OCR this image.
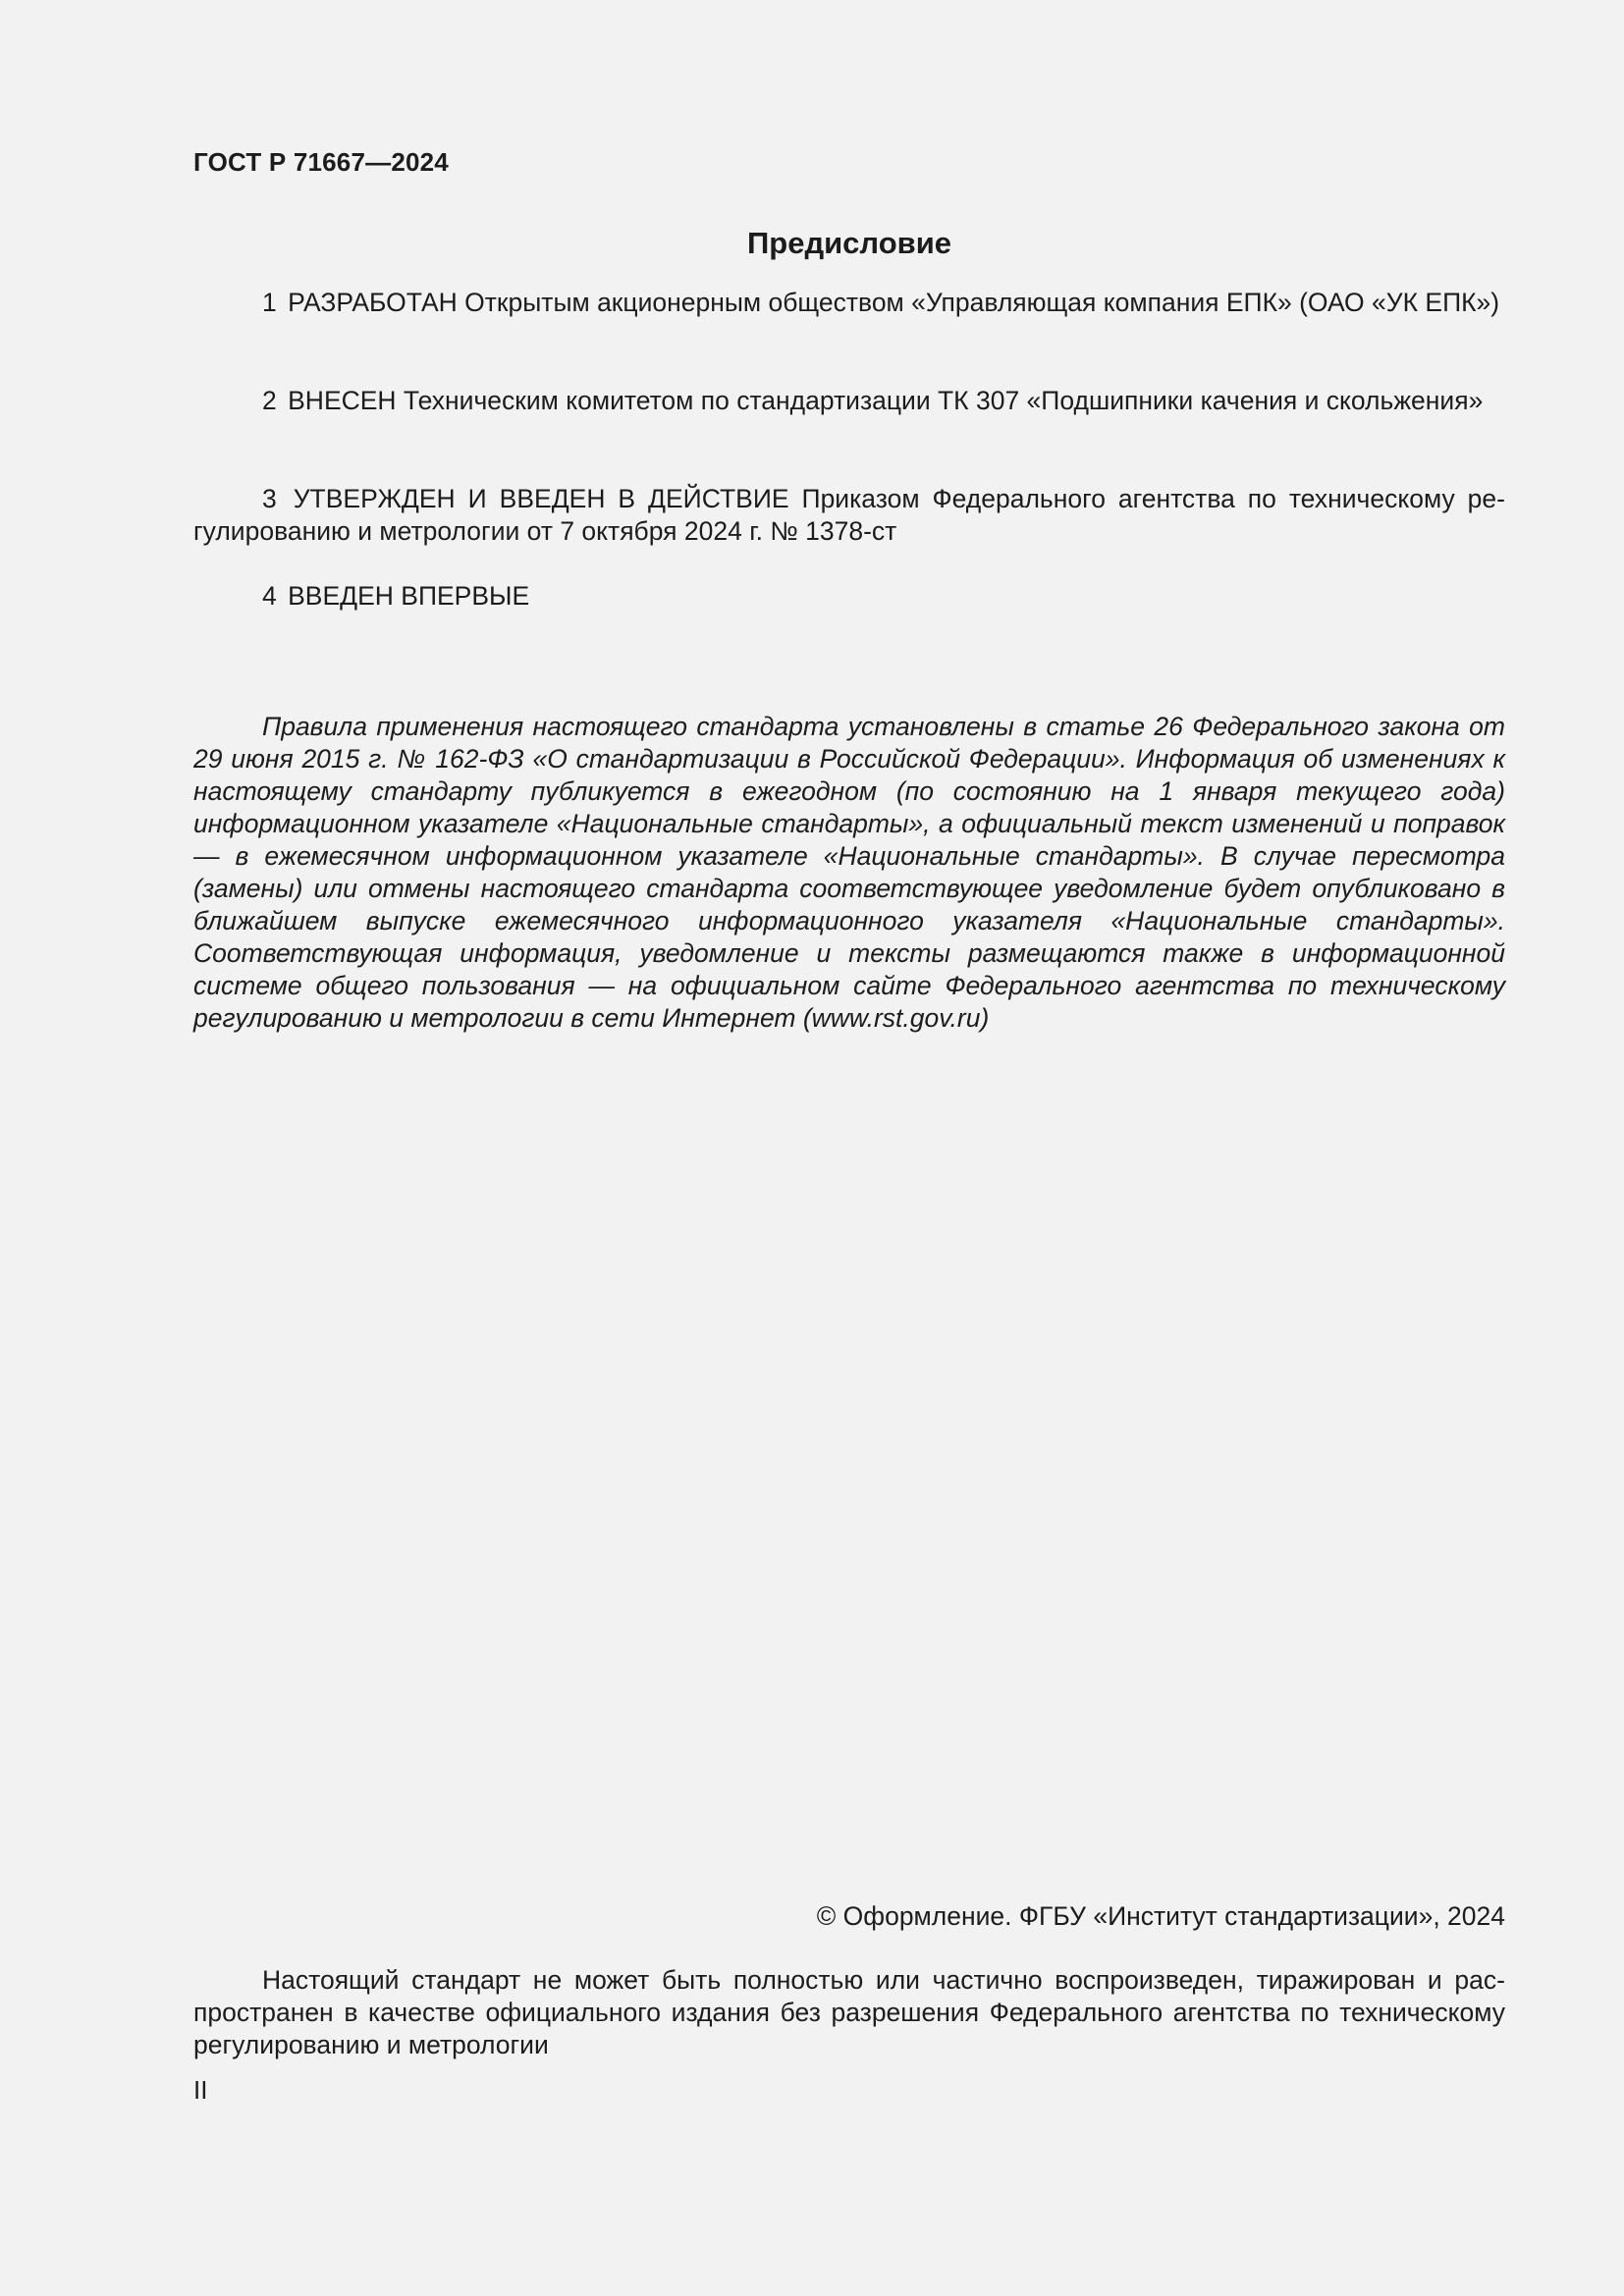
ГОСТ Р 71667—2024
Предисловие

1 РАЗРАБОТАН Открытым акционерным обществом «Управляющая компания ЕПК» (ОАО «УК ЕПК»)

2 ВНЕСЕН Техническим комитетом по стандартизации ТК 307 «Подшипники качения и скольжения»

3 УТВЕРЖДЕН И ВВЕДЕН В ДЕЙСТВИЕ Приказом Федерального агентства по техническому регулированию и метрологии от 7 октября 2024 г. № 1378-ст

4 ВВЕДЕН ВПЕРВЫЕ

Правила применения настоящего стандарта установлены в статье 26 Федерального закона от 29 июня 2015 г. № 162-ФЗ «О стандартизации в Российской Федерации». Информация об изменениях к настоящему стандарту публикуется в ежегодном (по состоянию на 1 января текущего года) информационном указателе «Национальные стандарты», а официальный текст изменений и поправок — в ежемесячном информационном указателе «Национальные стандарты». В случае пересмотра (замены) или отмены настоящего стандарта соответствующее уведомление будет опубликовано в ближайшем выпуске ежемесячного информационного указателя «Национальные стандарты». Соответствующая информация, уведомление и тексты размещаются также в информационной системе общего пользования — на официальном сайте Федерального агентства по техническому регулированию и метрологии в сети Интернет (www.rst.gov.ru)

© Оформление. ФГБУ «Институт стандартизации», 2024

Настоящий стандарт не может быть полностью или частично воспроизведен, тиражирован и распространен в качестве официального издания без разрешения Федерального агентства по техническому регулированию и метрологии

II
